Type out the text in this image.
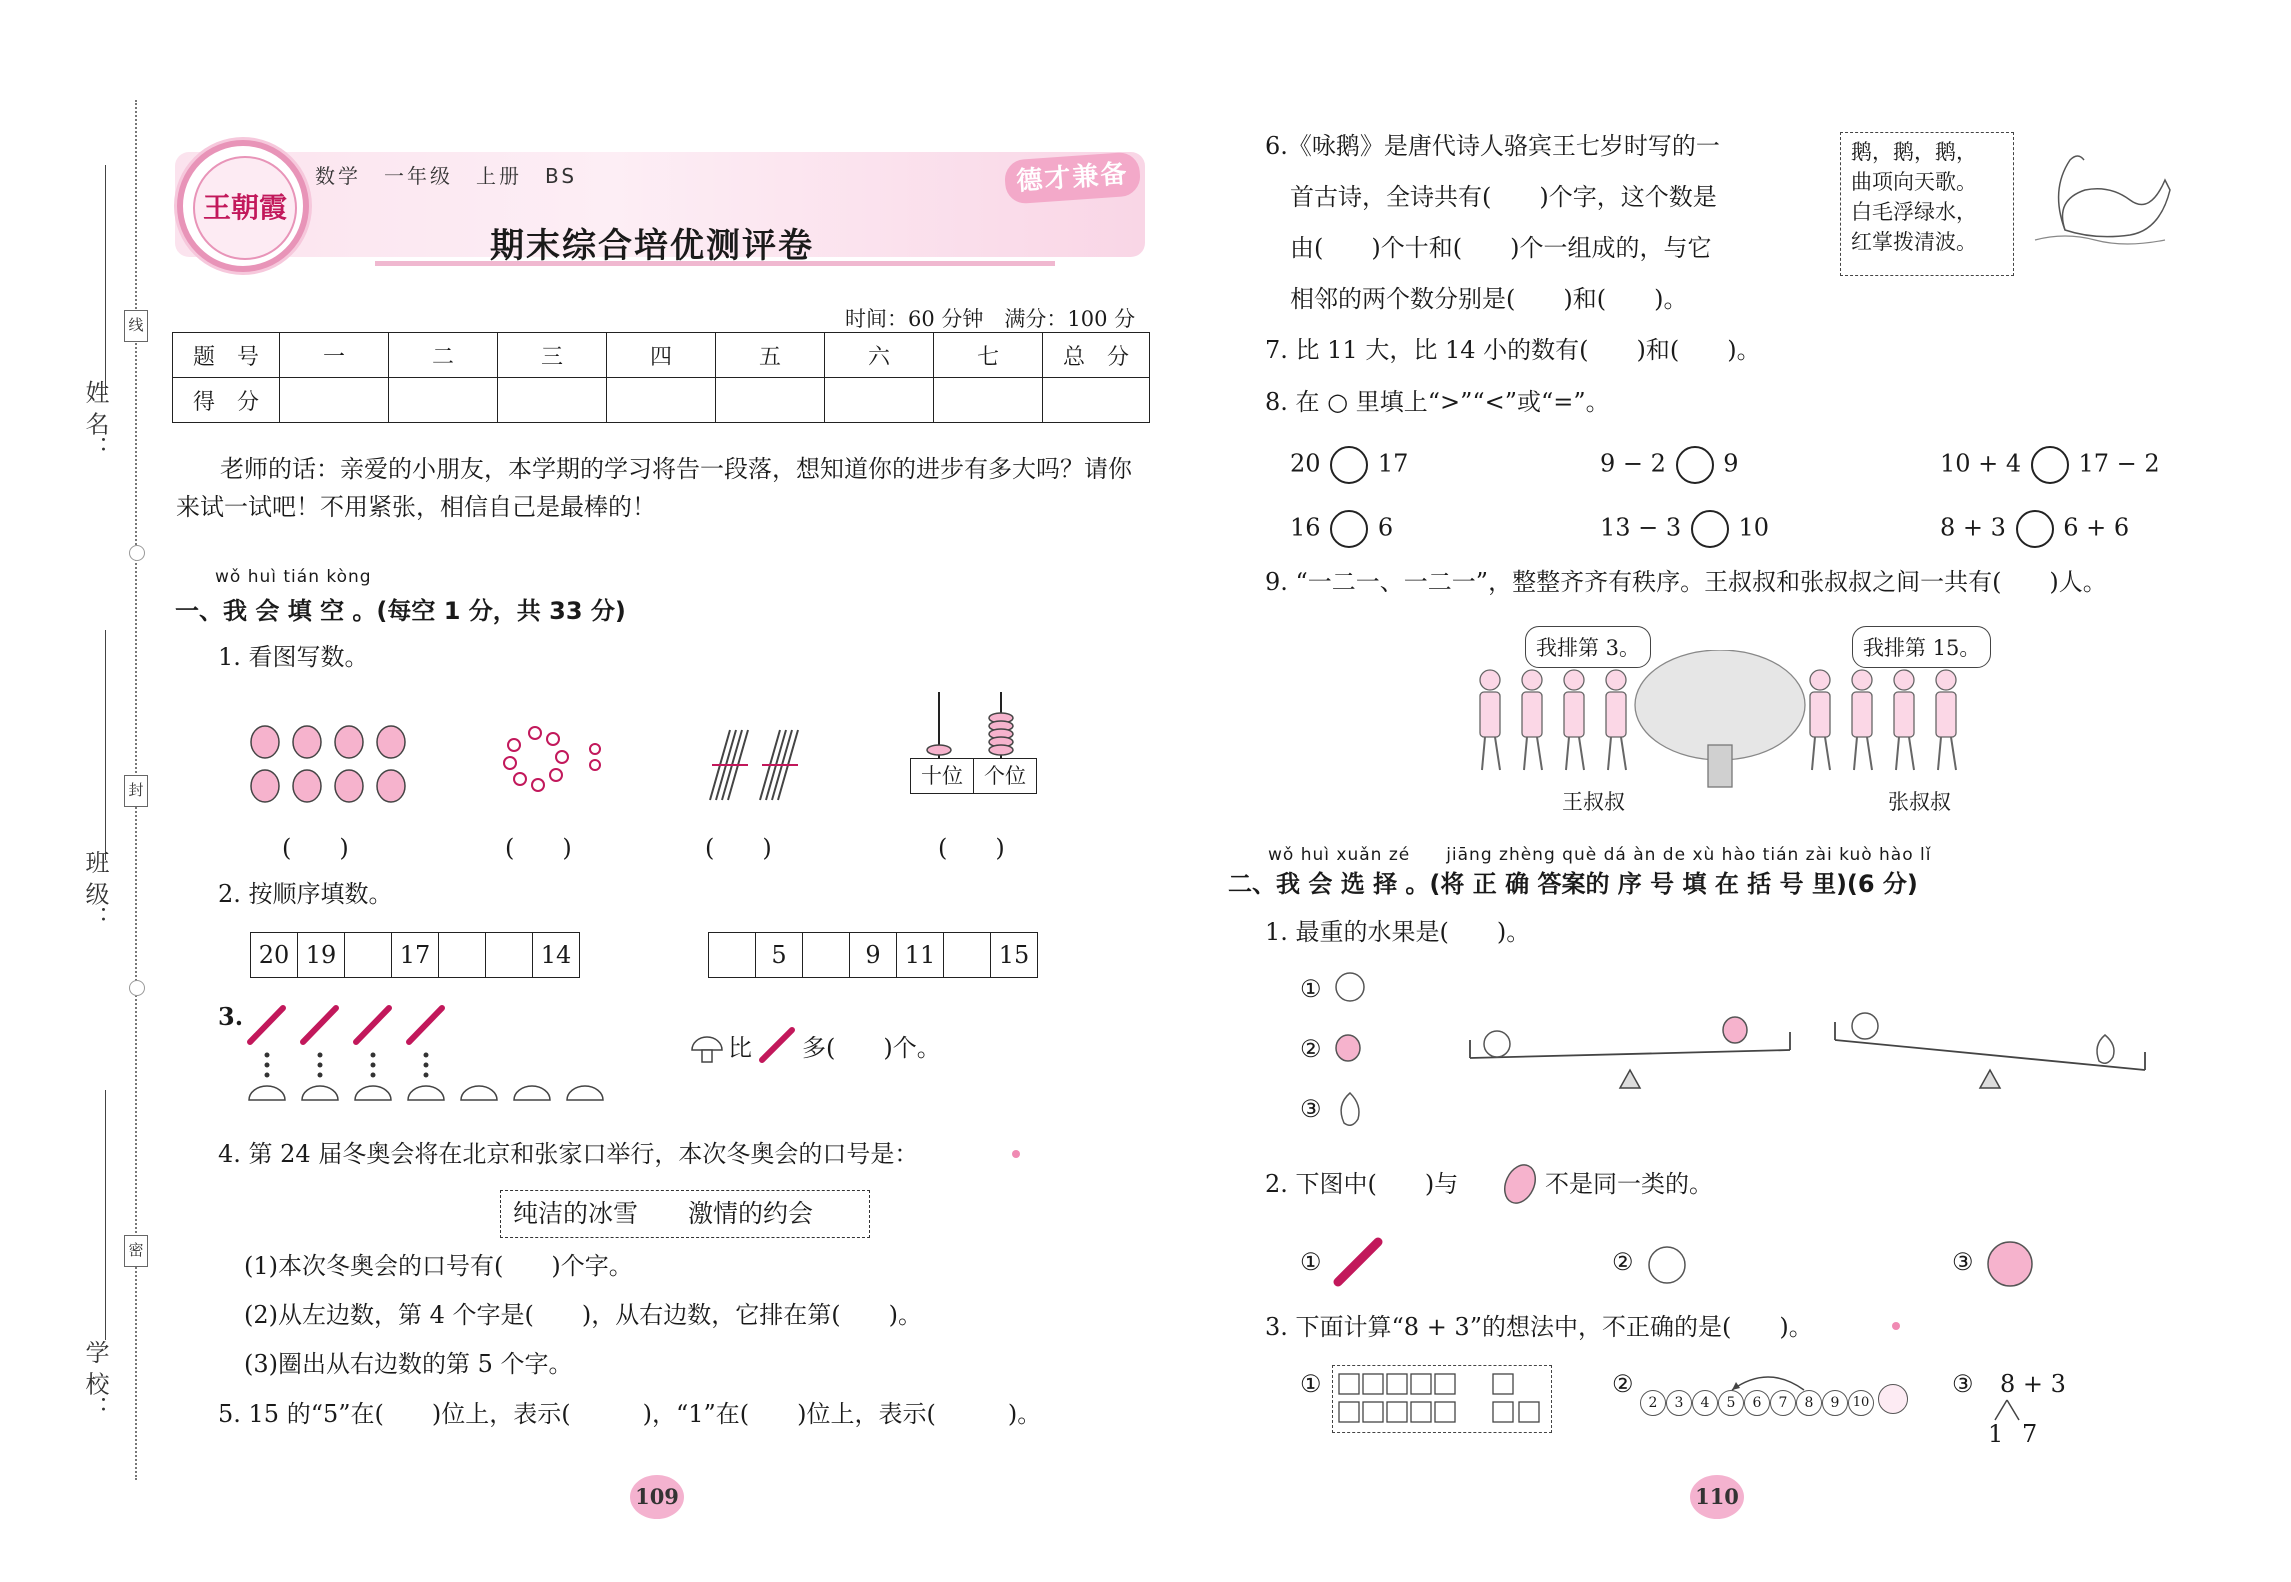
姓 名：
班 级：
学 校：
线
封
密
王朝霞
数学　一年级　上册　BS	德才兼备
期末综合培优测评卷
时间：60 分钟　满分：100 分
题　号	一	二	三	四	五	六	七	总　分
得　分								
老师的话：亲爱的小朋友，本学期的学习将告一段落，想知道你的进步有多大吗？请你
来试一试吧！不用紧张，相信自己是最棒的！
wǒ huì tián kòng
一、我 会 填 空 。(每空 1 分，共 33 分)
1. 看图写数。
十位	个位
(　　)	(　　)	(　　)	(　　)
2. 按顺序填数。
20 19	17	14	5	9	11	15
3.
比 多(　　)个。
4. 第 24 届冬奥会将在北京和张家口举行，本次冬奥会的口号是：
纯洁的冰雪　　激情的约会
(1)本次冬奥会的口号有(　　)个字。
(2)从左边数，第 4 个字是(　　)，从右边数，它排在第(　　)。
(3)圈出从右边数的第 5 个字。
5. 15 的“5”在(　　)位上，表示(　　　)，“1”在(　　)位上，表示(　　　)。
109
6.《咏鹅》是唐代诗人骆宾王七岁时写的一
首古诗，全诗共有(　　)个字，这个数是
由(　　)个十和(　　)个一组成的，与它
相邻的两个数分别是(　　)和(　　)。
鹅，鹅，鹅，
曲项向天歌。
白毛浮绿水，
红掌拨清波。
7. 比 11 大，比 14 小的数有(　　)和(　　)。
8. 在 ○ 里填上“>”“<”或“=”。
20 17	9 − 2 9	10 + 4 17 − 2
16 6	13 − 3 10	8 + 3 6 + 6
9. “一二一、一二一”，整整齐齐有秩序。王叔叔和张叔叔之间一共有(　　)人。
我排第 3。	我排第 15。
王叔叔	张叔叔
wǒ huì xuǎn zé　　jiāng zhèng què dá àn de xù hào tián zài kuò hào lǐ
二、我 会 选 择 。(将 正 确 答案的 序 号 填 在 括 号 里)(6 分)
1. 最重的水果是(　　)。
①
②
③
2. 下图中(　　)与	不是同一类的。
①	②	③
3. 下面计算“8 + 3”的想法中，不正确的是(　　)。
①	②
2	3	4	5	6	7	8	9	10
③ 8 + 3
1 7
110
